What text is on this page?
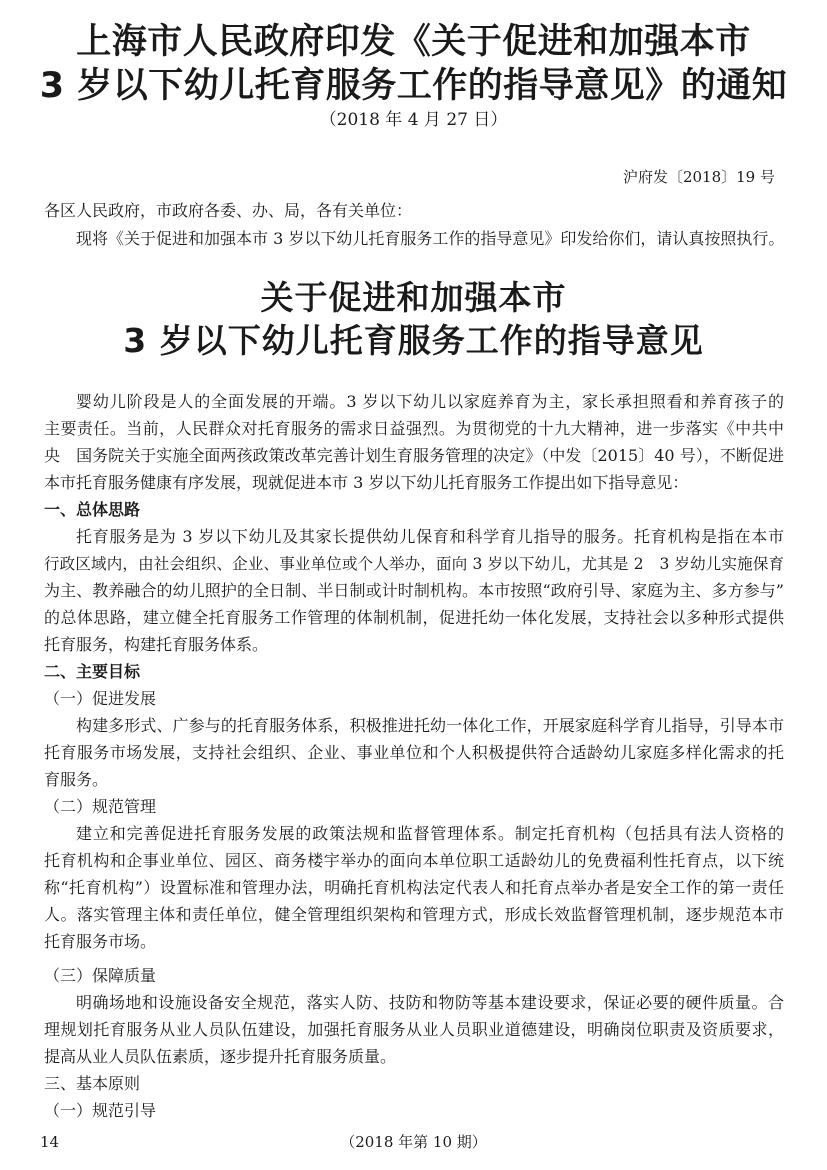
上海市人民政府印发《关于促进和加强本市
3 岁以下幼儿托育服务工作的指导意见》的通知
（2018 年 4 月 27 日）
沪府发〔2018〕19 号
各区人民政府，市政府各委、办、局，各有关单位：
现将《关于促进和加强本市 3 岁以下幼儿托育服务工作的指导意见》印发给你们，请认真按照执行。
关于促进和加强本市
3 岁以下幼儿托育服务工作的指导意见
婴幼儿阶段是人的全面发展的开端。3 岁以下幼儿以家庭养育为主，家长承担照看和养育孩子的
主要责任。当前，人民群众对托育服务的需求日益强烈。为贯彻党的十九大精神，进一步落实《中共中
央　国务院关于实施全面两孩政策改革完善计划生育服务管理的决定》（中发〔2015〕40 号），不断促进
本市托育服务健康有序发展，现就促进本市 3 岁以下幼儿托育服务工作提出如下指导意见：
一、总体思路
托育服务是为 3 岁以下幼儿及其家长提供幼儿保育和科学育儿指导的服务。托育机构是指在本市
行政区域内，由社会组织、企业、事业单位或个人举办，面向 3 岁以下幼儿，尤其是 2　3 岁幼儿实施保育
为主、教养融合的幼儿照护的全日制、半日制或计时制机构。本市按照“政府引导、家庭为主、多方参与”
的总体思路，建立健全托育服务工作管理的体制机制，促进托幼一体化发展，支持社会以多种形式提供
托育服务，构建托育服务体系。
二、主要目标
（一）促进发展
构建多形式、广参与的托育服务体系，积极推进托幼一体化工作，开展家庭科学育儿指导，引导本市
托育服务市场发展，支持社会组织、企业、事业单位和个人积极提供符合适龄幼儿家庭多样化需求的托
育服务。
（二）规范管理
建立和完善促进托育服务发展的政策法规和监督管理体系。制定托育机构（包括具有法人资格的
托育机构和企事业单位、园区、商务楼宇举办的面向本单位职工适龄幼儿的免费福利性托育点，以下统
称“托育机构”）设置标准和管理办法，明确托育机构法定代表人和托育点举办者是安全工作的第一责任
人。落实管理主体和责任单位，健全管理组织架构和管理方式，形成长效监督管理机制，逐步规范本市
托育服务市场。
（三）保障质量
明确场地和设施设备安全规范，落实人防、技防和物防等基本建设要求，保证必要的硬件质量。合
理规划托育服务从业人员队伍建设，加强托育服务从业人员职业道德建设，明确岗位职责及资质要求，
提高从业人员队伍素质，逐步提升托育服务质量。
三、基本原则
（一）规范引导
14	（2018 年第 10 期）
